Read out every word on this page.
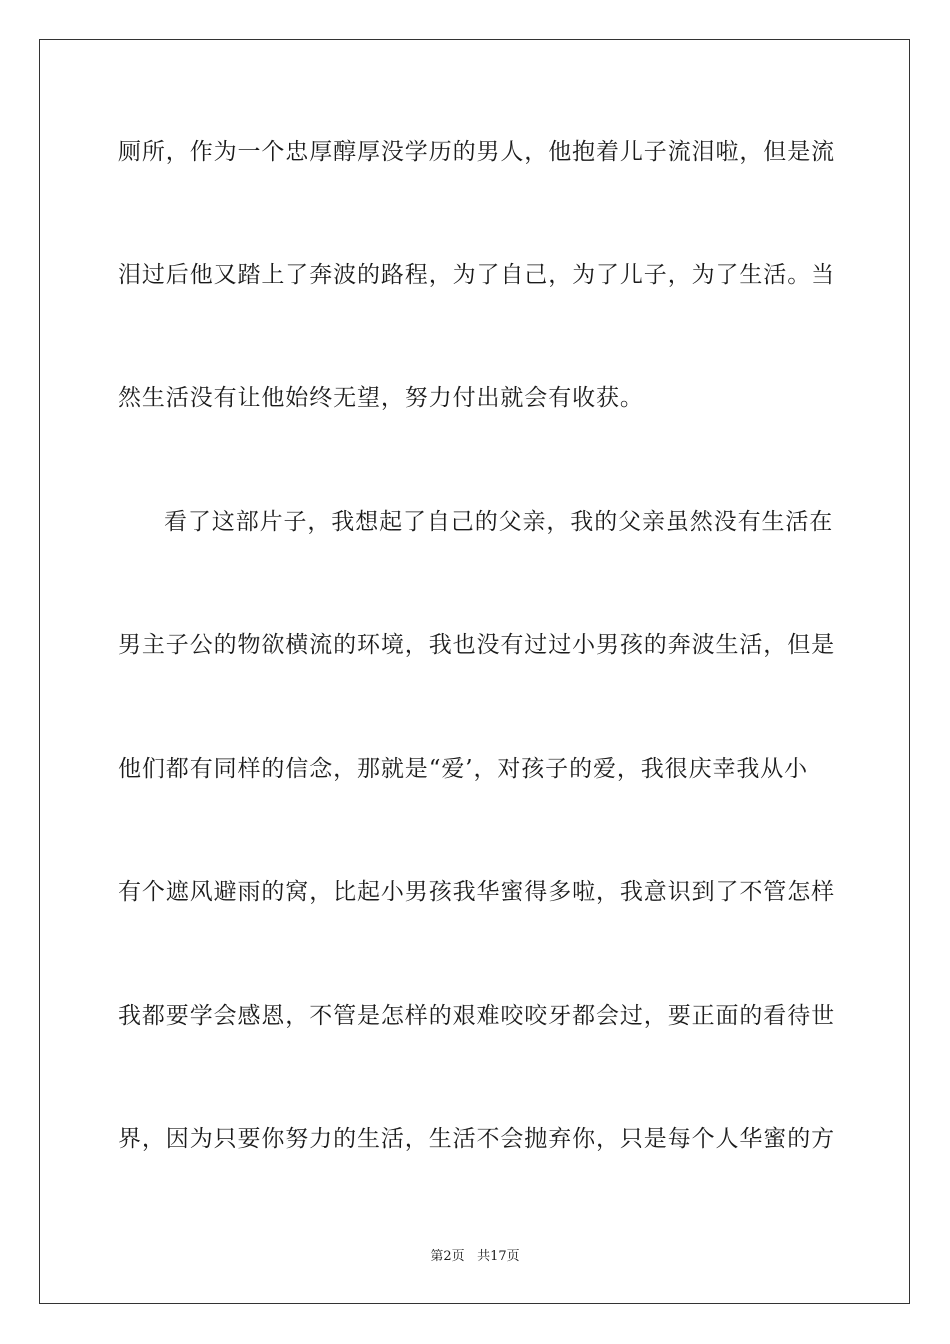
厕所，作为一个忠厚醇厚没学历的男人，他抱着儿子流泪啦，但是流
泪过后他又踏上了奔波的路程，为了自己，为了儿子，为了生活。当
然生活没有让他始终无望，努力付出就会有收获。
看了这部片子，我想起了自己的父亲，我的父亲虽然没有生活在
男主子公的物欲横流的环境，我也没有过过小男孩的奔波生活，但是
他们都有同样的信念，那就是“爱’，对孩子的爱，我很庆幸我从小
有个遮风避雨的窝，比起小男孩我华蜜得多啦，我意识到了不管怎样
我都要学会感恩，不管是怎样的艰难咬咬牙都会过，要正面的看待世
界，因为只要你努力的生活，生活不会抛弃你，只是每个人华蜜的方
第2页 共17页
